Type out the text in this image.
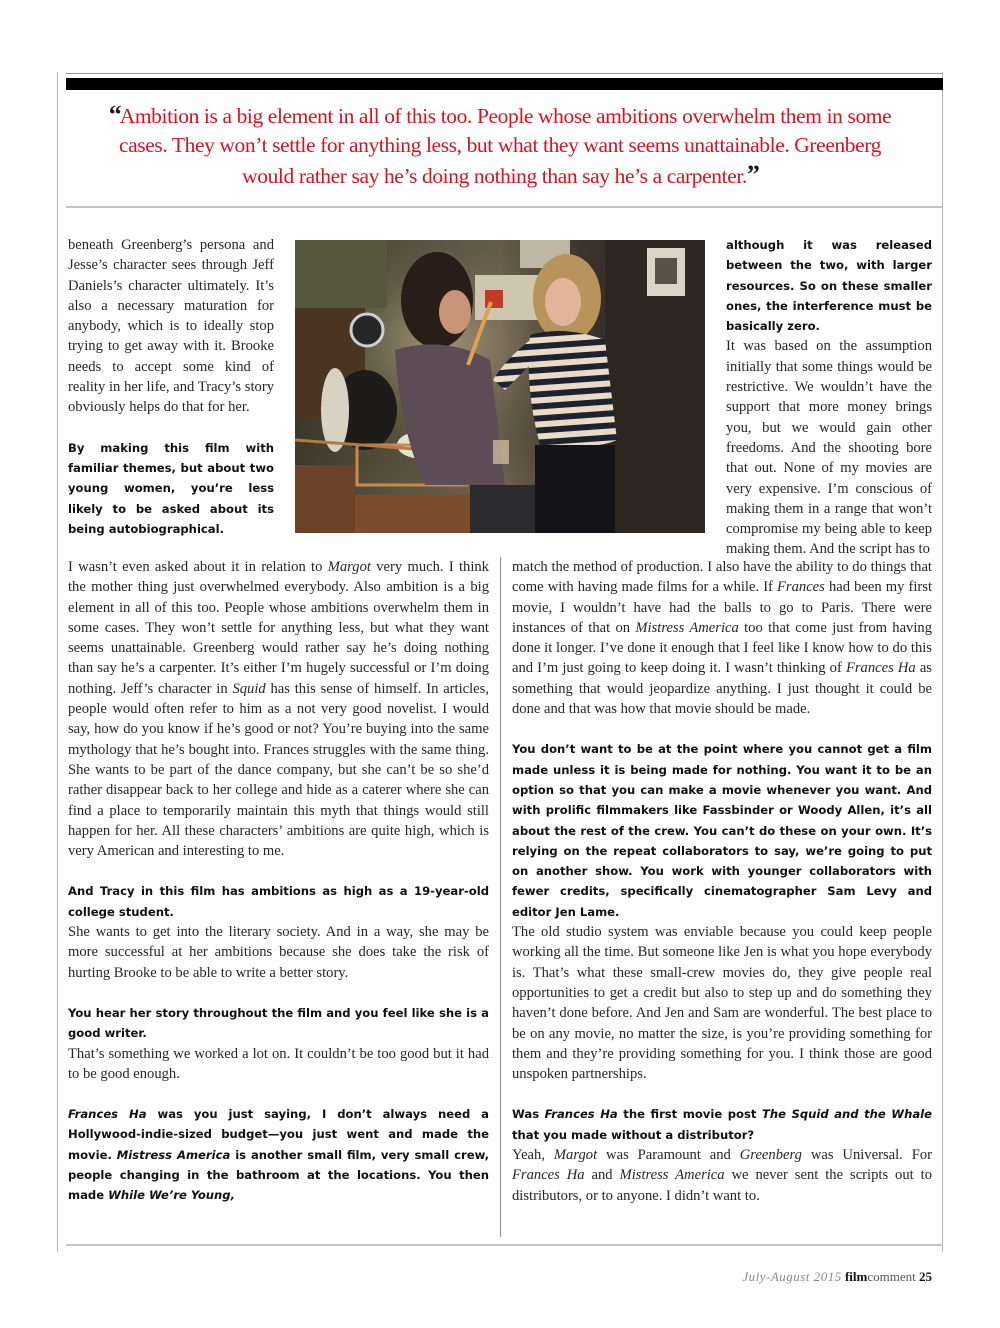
“Ambition is a big element in all of this too. People whose ambitions overwhelm them in some cases. They won’t settle for anything less, but what they want seems unattainable. Greenberg would rather say he’s doing nothing than say he’s a carpenter.”

beneath Greenberg’s persona and Jesse’s character sees through Jeff Daniels’s character ultimately. It’s also a necessary maturation for anybody, which is to ideally stop trying to get away with it. Brooke needs to accept some kind of reality in her life, and Tracy’s story obviously helps do that for her.

By making this film with familiar themes, but about two young women, you’re less likely to be asked about its being autobiographical.

although it was released between the two, with larger resources. So on these smaller ones, the interference must be basically zero.

It was based on the assumption initially that some things would be restrictive. We wouldn’t have the support that more money brings you, but we would gain other freedoms. And the shooting bore that out. None of my movies are very expensive. I’m conscious of making them in a range that won’t compromise my being able to keep making them. And the script has to

I wasn’t even asked about it in relation to Margot very much. I think the mother thing just overwhelmed everybody. Also ambition is a big element in all of this too. People whose ambitions overwhelm them in some cases. They won’t settle for anything less, but what they want seems unattainable. Greenberg would rather say he’s doing nothing than say he’s a carpenter. It’s either I’m hugely successful or I’m doing nothing. Jeff’s character in Squid has this sense of himself. In articles, people would often refer to him as a not very good novelist. I would say, how do you know if he’s good or not? You’re buying into the same mythology that he’s bought into. Frances struggles with the same thing. She wants to be part of the dance company, but she can’t be so she’d rather disappear back to her college and hide as a caterer where she can find a place to temporarily maintain this myth that things would still happen for her. All these characters’ ambitions are quite high, which is very American and interesting to me.

And Tracy in this film has ambitions as high as a 19-year-old college student.

She wants to get into the literary society. And in a way, she may be more successful at her ambitions because she does take the risk of hurting Brooke to be able to write a better story.

You hear her story throughout the film and you feel like she is a good writer.

That’s something we worked a lot on. It couldn’t be too good but it had to be good enough.

Frances Ha was you just saying, I don’t always need a Hollywood-indie-sized budget—you just went and made the movie. Mistress America is another small film, very small crew, people changing in the bathroom at the locations. You then made While We’re Young,

match the method of production. I also have the ability to do things that come with having made films for a while. If Frances had been my first movie, I wouldn’t have had the balls to go to Paris. There were instances of that on Mistress America too that come just from having done it longer. I’ve done it enough that I feel like I know how to do this and I’m just going to keep doing it. I wasn’t thinking of Frances Ha as something that would jeopardize anything. I just thought it could be done and that was how that movie should be made.

You don’t want to be at the point where you cannot get a film made unless it is being made for nothing. You want it to be an option so that you can make a movie whenever you want. And with prolific filmmakers like Fassbinder or Woody Allen, it’s all about the rest of the crew. You can’t do these on your own. It’s relying on the repeat collaborators to say, we’re going to put on another show. You work with younger collaborators with fewer credits, specifically cinematographer Sam Levy and editor Jen Lame.

The old studio system was enviable because you could keep people working all the time. But someone like Jen is what you hope everybody is. That’s what these small-crew movies do, they give people real opportunities to get a credit but also to step up and do something they haven’t done before. And Jen and Sam are wonderful. The best place to be on any movie, no matter the size, is you’re providing something for them and they’re providing something for you. I think those are good unspoken partnerships.

Was Frances Ha the first movie post The Squid and the Whale that you made without a distributor?

Yeah, Margot was Paramount and Greenberg was Universal. For Frances Ha and Mistress America we never sent the scripts out to distributors, or to anyone. I didn’t want to.

July-August 2015 filmcomment 25
